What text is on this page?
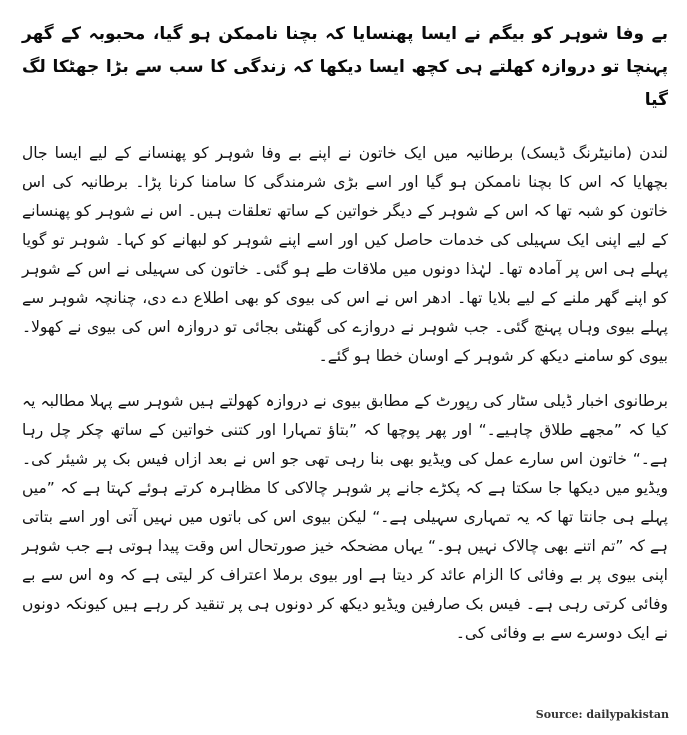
بے وفا شوہر کو بیگم نے ایسا پھنسایا کہ بچنا ناممکن ہو گیا، محبوبہ کے گھر پہنچا تو دروازہ کھلتے ہی کچھ ایسا دیکھا کہ زندگی کا سب سے بڑا جھٹکا لگ گیا

لندن (مانیٹرنگ ڈیسک) برطانیہ میں ایک خاتون نے اپنے بے وفا شوہر کو پھنسانے کے لیے ایسا جال بچھایا کہ اس کا بچنا ناممکن ہو گیا اور اسے بڑی شرمندگی کا سامنا کرنا پڑا۔ برطانیہ کی اس خاتون کو شبہ تھا کہ اس کے شوہر کے دیگر خواتین کے ساتھ تعلقات ہیں۔ اس نے شوہر کو پھنسانے کے لیے اپنی ایک سہیلی کی خدمات حاصل کیں اور اسے اپنے شوہر کو لبھانے کو کہا۔ شوہر تو گویا پہلے ہی اس پر آمادہ تھا۔ لہٰذا دونوں میں ملاقات طے ہو گئی۔ خاتون کی سہیلی نے اس کے شوہر کو اپنے گھر ملنے کے لیے بلایا تھا۔ ادھر اس نے اس کی بیوی کو بھی اطلاع دے دی، چنانچہ شوہر سے پہلے بیوی وہاں پہنچ گئی۔ جب شوہر نے دروازے کی گھنٹی بجائی تو دروازہ اس کی بیوی نے کھولا۔ بیوی کو سامنے دیکھ کر شوہر کے اوسان خطا ہو گئے۔

برطانوی اخبار ڈیلی سٹار کی رپورٹ کے مطابق بیوی نے دروازہ کھولتے ہیں شوہر سے پہلا مطالبہ یہ کیا کہ ”مجھے طلاق چاہیے۔“ اور پھر پوچھا کہ ”بتاؤ تمہارا اور کتنی خواتین کے ساتھ چکر چل رہا ہے۔“ خاتون اس سارے عمل کی ویڈیو بھی بنا رہی تھی جو اس نے بعد ازاں فیس بک پر شیئر کی۔ ویڈیو میں دیکھا جا سکتا ہے کہ پکڑے جانے پر شوہر چالاکی کا مظاہرہ کرتے ہوئے کہتا ہے کہ ”میں پہلے ہی جانتا تھا کہ یہ تمہاری سہیلی ہے۔“ لیکن بیوی اس کی باتوں میں نہیں آتی اور اسے بتاتی ہے کہ ”تم اتنے بھی چالاک نہیں ہو۔“ یہاں مضحکہ خیز صورتحال اس وقت پیدا ہوتی ہے جب شوہر اپنی بیوی پر بے وفائی کا الزام عائد کر دیتا ہے اور بیوی برملا اعتراف کر لیتی ہے کہ وہ اس سے بے وفائی کرتی رہی ہے۔ فیس بک صارفین ویڈیو دیکھ کر دونوں ہی پر تنقید کر رہے ہیں کیونکہ دونوں نے ایک دوسرے سے بے وفائی کی۔

Source: dailypakistan
